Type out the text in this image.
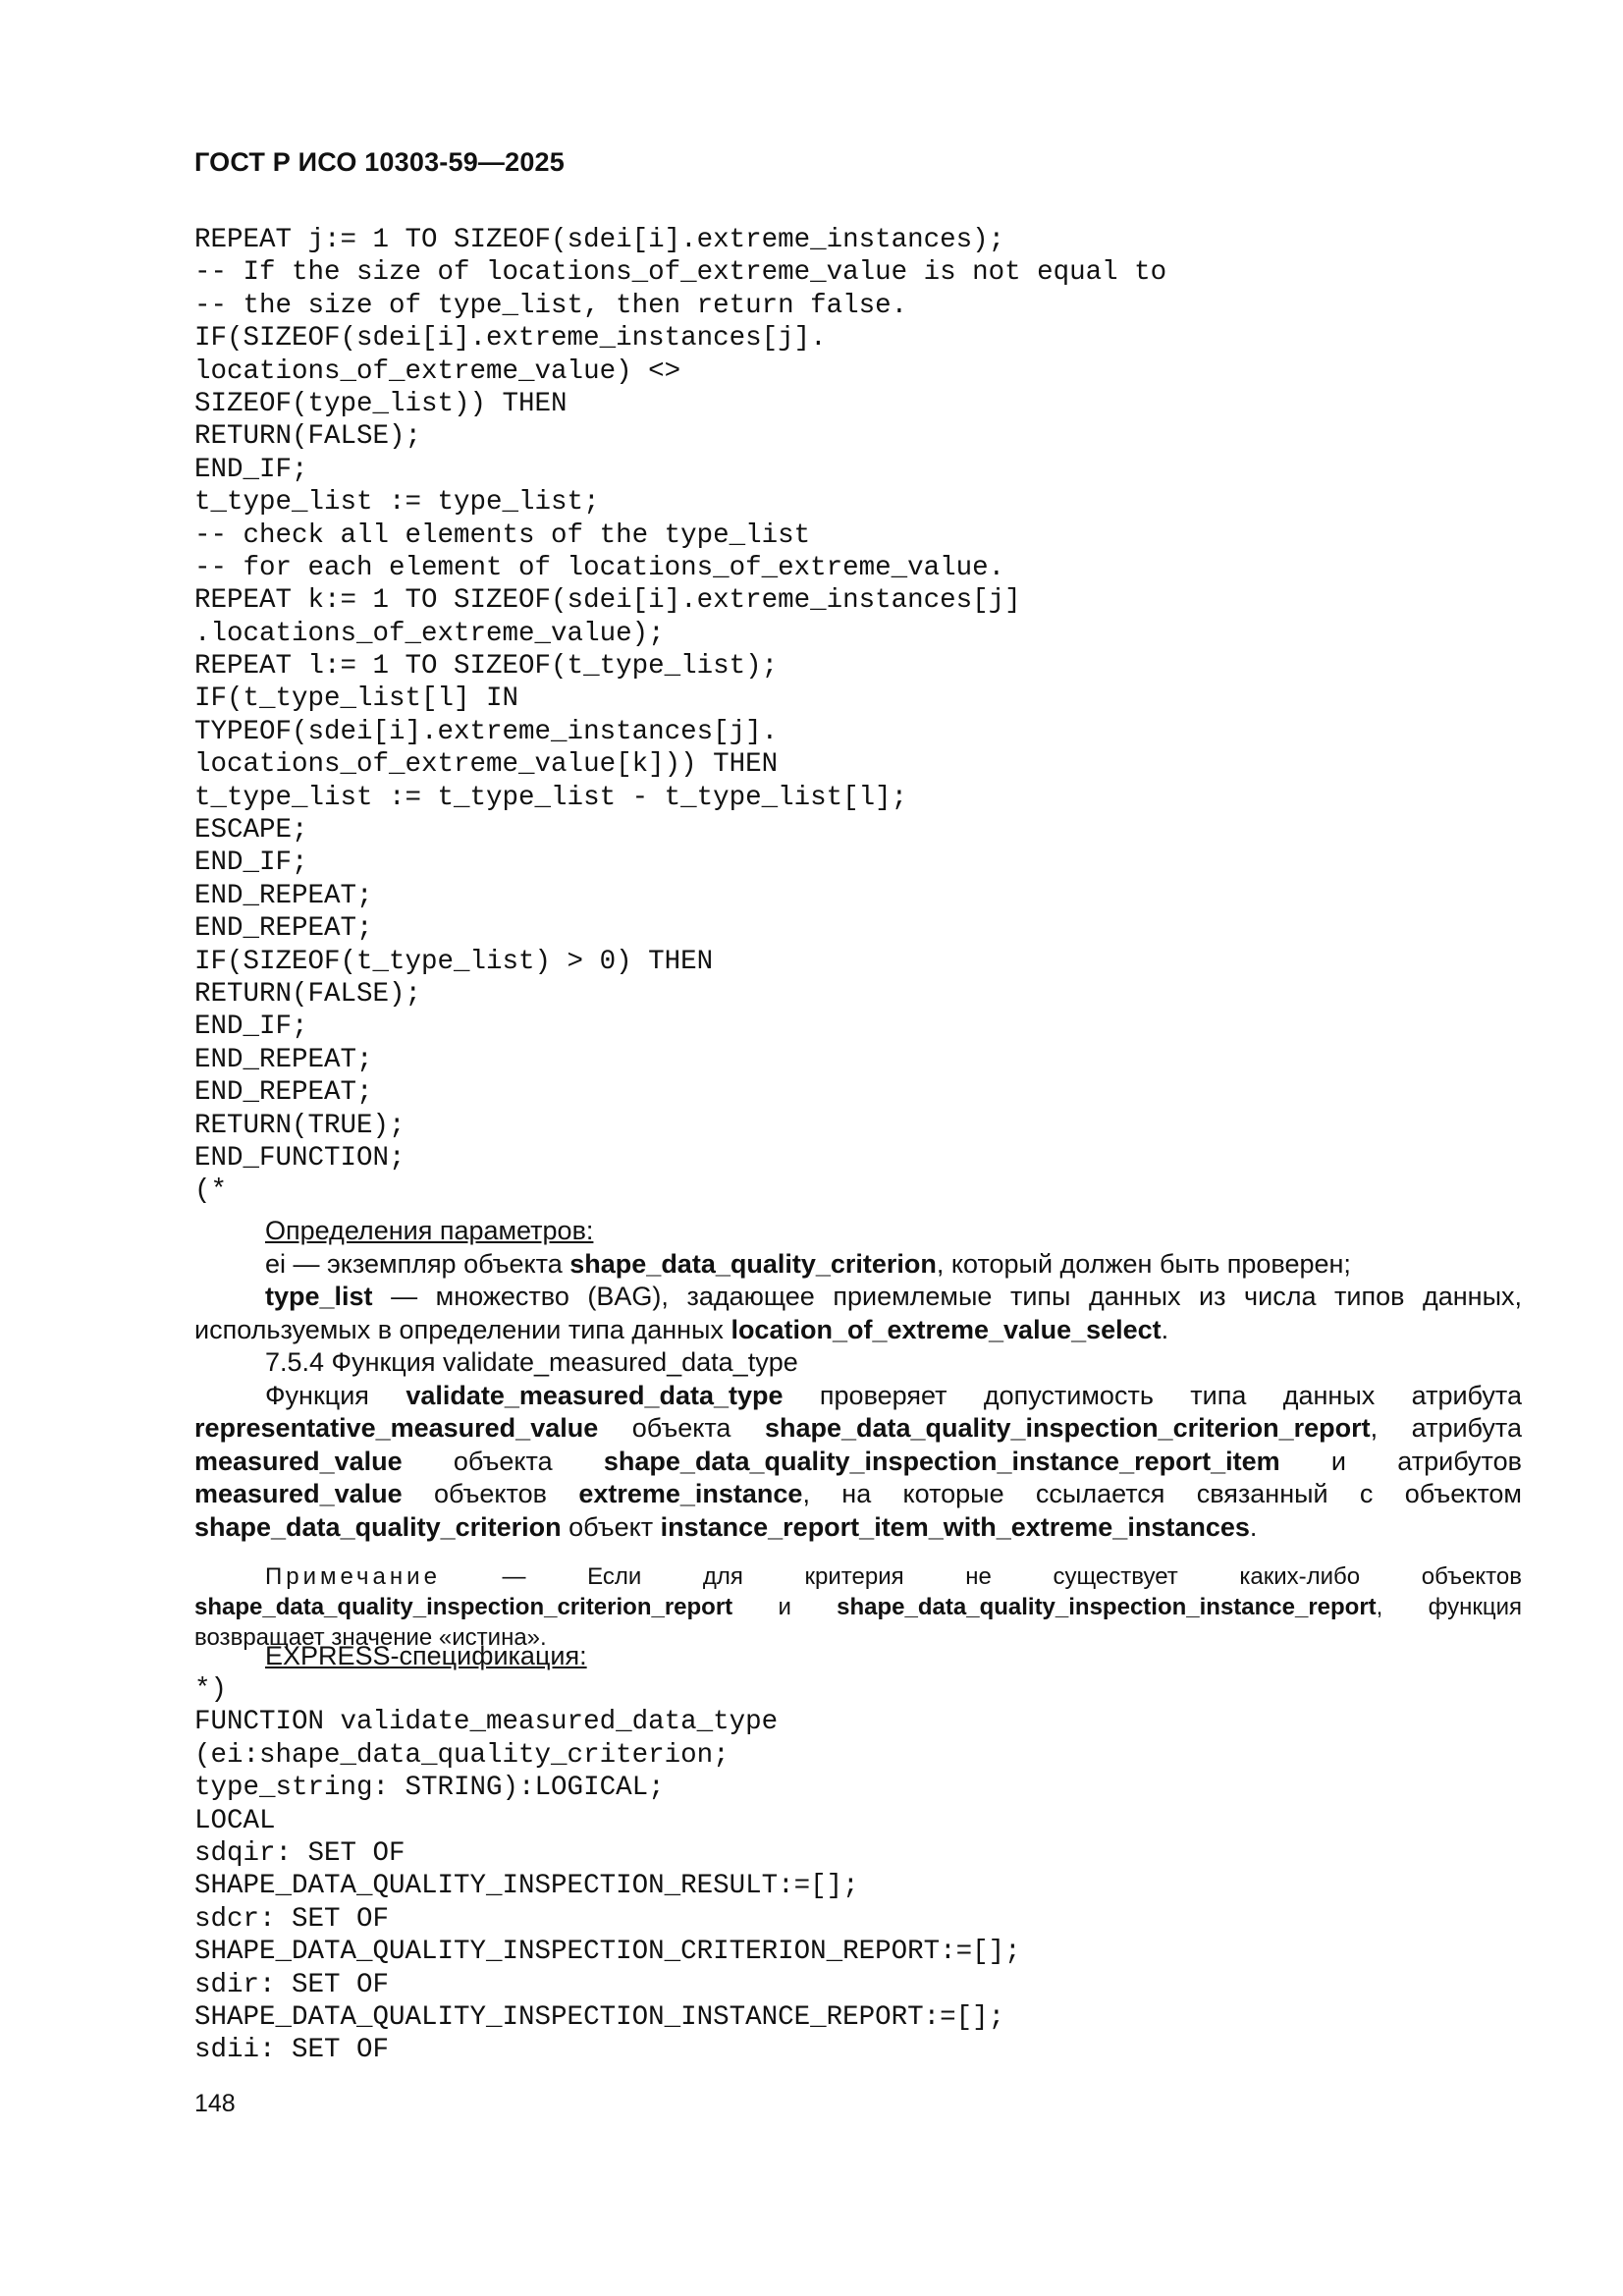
ГОСТ Р ИСО 10303-59—2025
REPEAT j:= 1 TO SIZEOF(sdei[i].extreme_instances);
-- If the size of locations_of_extreme_value is not equal to
-- the size of type_list, then return false.
IF(SIZEOF(sdei[i].extreme_instances[j].
locations_of_extreme_value) <>
SIZEOF(type_list)) THEN
RETURN(FALSE);
END_IF;
t_type_list := type_list;
-- check all elements of the type_list
-- for each element of locations_of_extreme_value.
REPEAT k:= 1 TO SIZEOF(sdei[i].extreme_instances[j]
.locations_of_extreme_value);
REPEAT l:= 1 TO SIZEOF(t_type_list);
IF(t_type_list[l] IN
TYPEOF(sdei[i].extreme_instances[j].
locations_of_extreme_value[k])) THEN
t_type_list := t_type_list - t_type_list[l];
ESCAPE;
END_IF;
END_REPEAT;
END_REPEAT;
IF(SIZEOF(t_type_list) > 0) THEN
RETURN(FALSE);
END_IF;
END_REPEAT;
END_REPEAT;
RETURN(TRUE);
END_FUNCTION;
(*

Определения параметров:

ei — экземпляр объекта shape_data_quality_criterion, который должен быть проверен;

type_list — множество (BAG), задающее приемлемые типы данных из числа типов данных, используемых в определении типа данных location_of_extreme_value_select.

7.5.4 Функция validate_measured_data_type

Функция validate_measured_data_type проверяет допустимость типа данных атрибута representative_measured_value объекта shape_data_quality_inspection_criterion_report, атрибута measured_value объекта shape_data_quality_inspection_instance_report_item и атрибутов measured_value объектов extreme_instance, на которые ссылается связанный с объектом shape_data_quality_criterion объект instance_report_item_with_extreme_instances.

Примечание — Если для критерия не существует каких-либо объектов shape_data_quality_inspection_criterion_report и shape_data_quality_inspection_instance_report, функция возвращает значение «истина».

EXPRESS-спецификация:

*)
FUNCTION validate_measured_data_type
(ei:shape_data_quality_criterion;
type_string: STRING):LOGICAL;
LOCAL
sdqir: SET OF
SHAPE_DATA_QUALITY_INSPECTION_RESULT:=[];
sdcr: SET OF
SHAPE_DATA_QUALITY_INSPECTION_CRITERION_REPORT:=[];
sdir: SET OF
SHAPE_DATA_QUALITY_INSPECTION_INSTANCE_REPORT:=[];
sdii: SET OF
148
